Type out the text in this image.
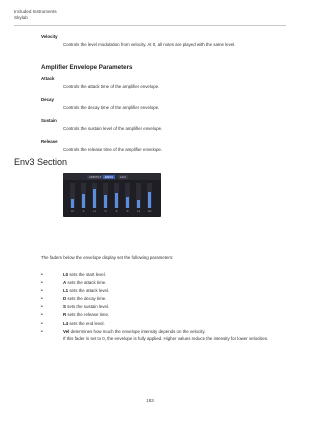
Included Instruments
Skylab
Velocity
Controls the level modulation from velocity. At 0, all notes are played with the same level.
Amplifier Envelope Parameters
Attack
Controls the attack time of the amplifier envelope.
Decay
Controls the decay time of the amplifier envelope.
Sustain
Controls the sustain level of the amplifier envelope.
Release
Controls the release time of the amplifier envelope.
Env3 Section
AMP/FLT	ENV3	LFO
L0	A	L1	D	S	R	L4	Vel
The faders below the envelope display set the following parameters:
•	L0 sets the start level.
•	A sets the attack time.
•	L1 sets the attack level.
•	D sets the decay time.
•	S sets the sustain level.
•	R sets the release time.
•	L4 sets the end level.
•	Vel determines how much the envelope intensity depends on the velocity.
If this fader is set to 0, the envelope is fully applied. Higher values reduce the intensity for lower velocities.
183
